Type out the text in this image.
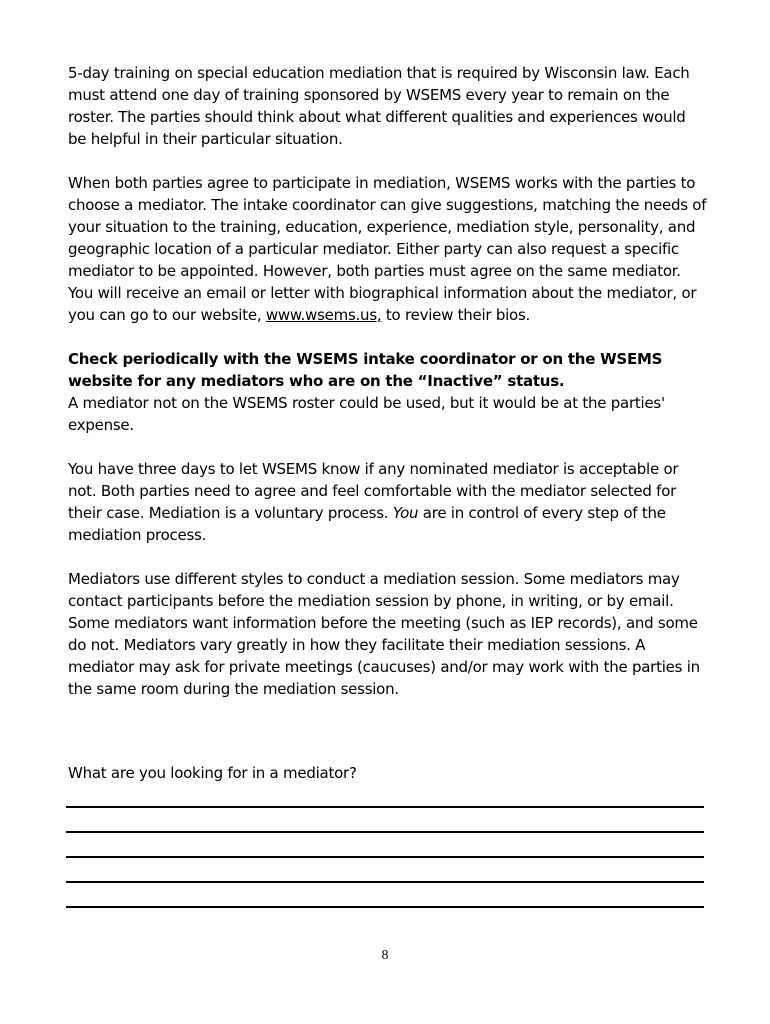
5-day training on special education mediation that is required by Wisconsin law. Each must attend one day of training sponsored by WSEMS every year to remain on the roster. The parties should think about what different qualities and experiences would be helpful in their particular situation.

When both parties agree to participate in mediation, WSEMS works with the parties to choose a mediator. The intake coordinator can give suggestions, matching the needs of your situation to the training, education, experience, mediation style, personality, and geographic location of a particular mediator. Either party can also request a specific mediator to be appointed. However, both parties must agree on the same mediator. You will receive an email or letter with biographical information about the mediator, or you can go to our website, www.wsems.us, to review their bios.

Check periodically with the WSEMS intake coordinator or on the WSEMS website for any mediators who are on the “Inactive” status.
A mediator not on the WSEMS roster could be used, but it would be at the parties' expense.

You have three days to let WSEMS know if any nominated mediator is acceptable or not. Both parties need to agree and feel comfortable with the mediator selected for their case. Mediation is a voluntary process. You are in control of every step of the mediation process.

Mediators use different styles to conduct a mediation session. Some mediators may contact participants before the mediation session by phone, in writing, or by email. Some mediators want information before the meeting (such as IEP records), and some do not. Mediators vary greatly in how they facilitate their mediation sessions. A mediator may ask for private meetings (caucuses) and/or may work with the parties in the same room during the mediation session.

What are you looking for in a mediator?
8
